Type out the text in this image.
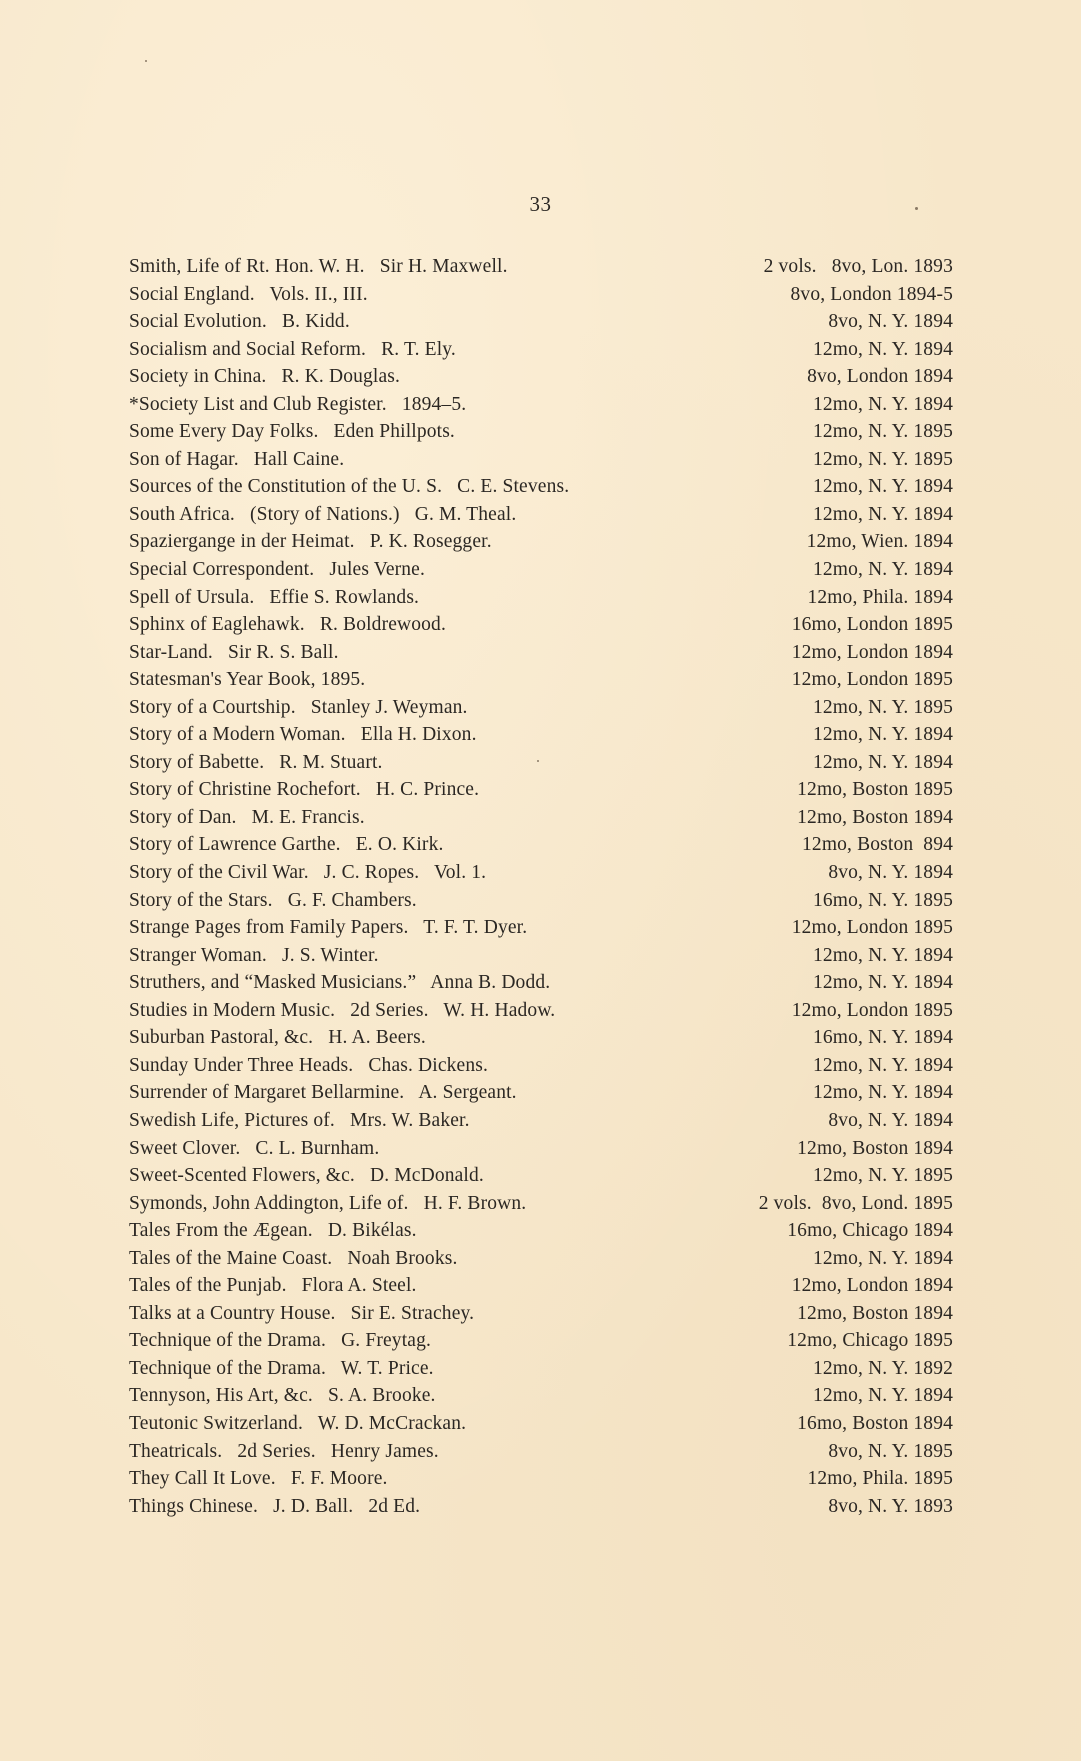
33
Smith, Life of Rt. Hon. W. H.   Sir H. Maxwell.	2 vols.   8vo, Lon. 1893
Social England.   Vols. II., III.	8vo, London 1894-5
Social Evolution.   B. Kidd.	8vo, N. Y. 1894
Socialism and Social Reform.   R. T. Ely.	12mo, N. Y. 1894
Society in China.   R. K. Douglas.	8vo, London 1894
*Society List and Club Register.   1894–5.	12mo, N. Y. 1894
Some Every Day Folks.   Eden Phillpots.	12mo, N. Y. 1895
Son of Hagar.   Hall Caine.	12mo, N. Y. 1895
Sources of the Constitution of the U. S.   C. E. Stevens.	12mo, N. Y. 1894
South Africa.   (Story of Nations.)   G. M. Theal.	12mo, N. Y. 1894
Spaziergange in der Heimat.   P. K. Rosegger.	12mo, Wien. 1894
Special Correspondent.   Jules Verne.	12mo, N. Y. 1894
Spell of Ursula.   Effie S. Rowlands.	12mo, Phila. 1894
Sphinx of Eaglehawk.   R. Boldrewood.	16mo, London 1895
Star-Land.   Sir R. S. Ball.	12mo, London 1894
Statesman's Year Book, 1895.	12mo, London 1895
Story of a Courtship.   Stanley J. Weyman.	12mo, N. Y. 1895
Story of a Modern Woman.   Ella H. Dixon.	12mo, N. Y. 1894
Story of Babette.   R. M. Stuart.	12mo, N. Y. 1894
Story of Christine Rochefort.   H. C. Prince.	12mo, Boston 1895
Story of Dan.   M. E. Francis.	12mo, Boston 1894
Story of Lawrence Garthe.   E. O. Kirk.	12mo, Boston  894
Story of the Civil War.   J. C. Ropes.   Vol. 1.	8vo, N. Y. 1894
Story of the Stars.   G. F. Chambers.	16mo, N. Y. 1895
Strange Pages from Family Papers.   T. F. T. Dyer.	12mo, London 1895
Stranger Woman.   J. S. Winter.	12mo, N. Y. 1894
Struthers, and “Masked Musicians.”   Anna B. Dodd.	12mo, N. Y. 1894
Studies in Modern Music.   2d Series.   W. H. Hadow.	12mo, London 1895
Suburban Pastoral, &c.   H. A. Beers.	16mo, N. Y. 1894
Sunday Under Three Heads.   Chas. Dickens.	12mo, N. Y. 1894
Surrender of Margaret Bellarmine.   A. Sergeant.	12mo, N. Y. 1894
Swedish Life, Pictures of.   Mrs. W. Baker.	8vo, N. Y. 1894
Sweet Clover.   C. L. Burnham.	12mo, Boston 1894
Sweet-Scented Flowers, &c.   D. McDonald.	12mo, N. Y. 1895
Symonds, John Addington, Life of.   H. F. Brown.	2 vols.  8vo, Lond. 1895
Tales From the Ægean.   D. Bikélas.	16mo, Chicago 1894
Tales of the Maine Coast.   Noah Brooks.	12mo, N. Y. 1894
Tales of the Punjab.   Flora A. Steel.	12mo, London 1894
Talks at a Country House.   Sir E. Strachey.	12mo, Boston 1894
Technique of the Drama.   G. Freytag.	12mo, Chicago 1895
Technique of the Drama.   W. T. Price.	12mo, N. Y. 1892
Tennyson, His Art, &c.   S. A. Brooke.	12mo, N. Y. 1894
Teutonic Switzerland.   W. D. McCrackan.	16mo, Boston 1894
Theatricals.   2d Series.   Henry James.	8vo, N. Y. 1895
They Call It Love.   F. F. Moore.	12mo, Phila. 1895
Things Chinese.   J. D. Ball.   2d Ed.	8vo, N. Y. 1893
